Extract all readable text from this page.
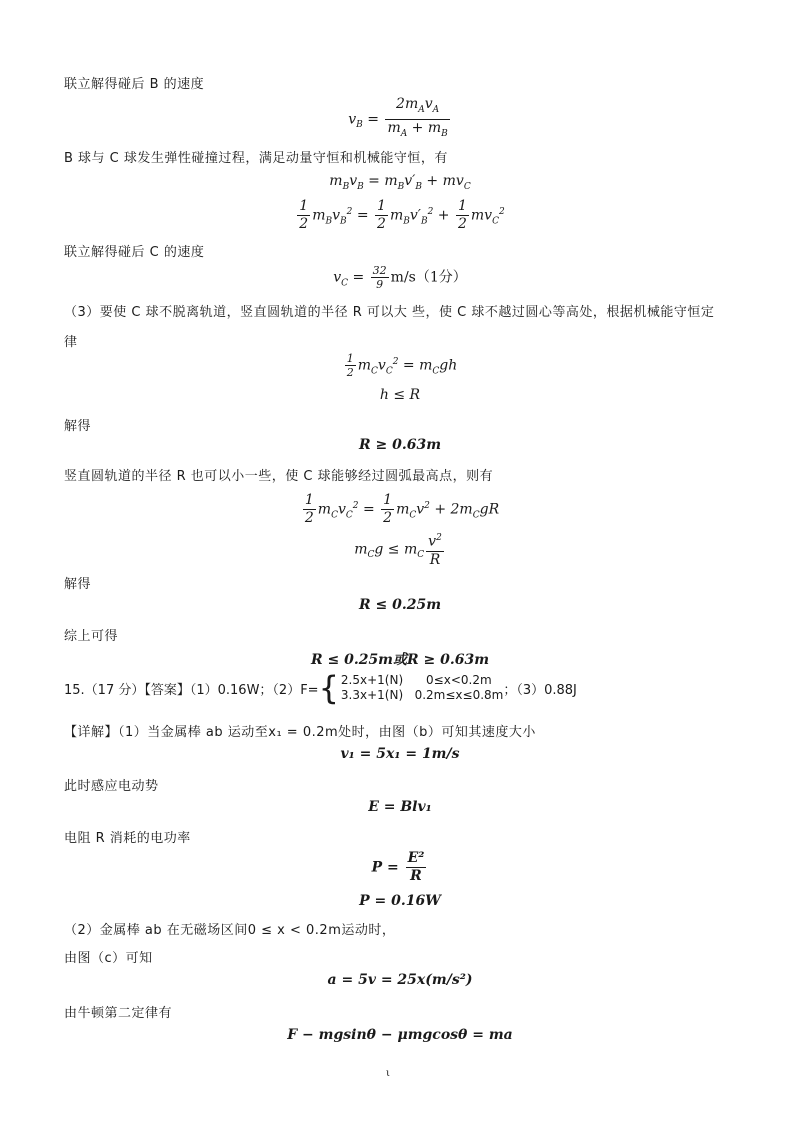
联立解得碰后 B 的速度
$v_B = \frac{2m_Av_A}{m_A + m_B}$
B 球与 C 球发生弹性碰撞过程，满足动量守恒和机械能守恒，有
$m_Bv_B = m_Bv'_B + mv_C$
$\frac{1}{2} m_Bv_B^2 = \frac{1}{2} m_Bv'_B^2 + \frac{1}{2} mv_C^2$
联立解得碰后 C 的速度
$v_C = \frac{32}{9} m/s(1$分）
（3）要使 C 球不脱离轨道，竖直圆轨道的半径 R 可以大 些，使 C 球不越过圆心等高处，根据机械能守恒定
律
$\frac{1}{2} m_Cv_C^2 = m_Cgh$
h ≤ R
解得
R ≥ 0.63m
竖直圆轨道的半径 R 也可以小一些，使 C 球能够经过圆弧最高点，则有
$\frac{1}{2} m_Cv_C^2 = \frac{1}{2} m_Cv^2 + 2m_CgR$
$m_Cg \le m_C \frac{v^2}{R}$
解得
R ≤ 0.25m
综上可得
R ≤ 0.25m或R ≥ 0.63m
15.（17 分）【答案】（1）0.16W；（2）F= { 2.5x+1(N)      0≤x<0.2m
3.3x+1(N)   0.2m≤x≤0.8m ；（3）0.88J
【详解】（1）当金属棒 ab 运动至x₁ = 0.2m处时，由图（b）可知其速度大小
v₁ = 5x₁ = 1m/s
此时感应电动势
E = Blv₁
电阻 R 消耗的电功率
$P = \frac{\text{E²}}{R}$
P = 0.16W
（2）金属棒 ab 在无磁场区间0 ≤ x < 0.2m运动时，
由图（c）可知
a = 5v = 25x(m/s²)
由牛顿第二定律有
F − mgsinθ − μmgcosθ = ma
ι
